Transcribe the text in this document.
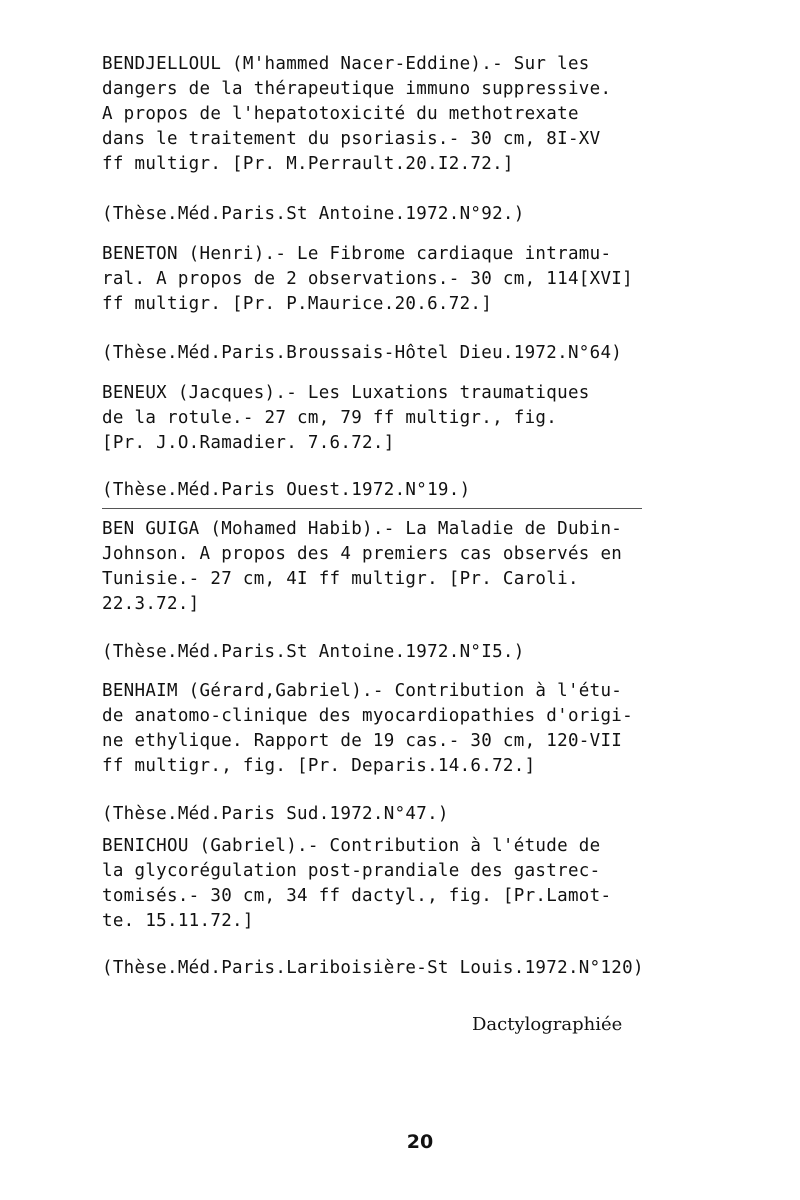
BENDJELLOUL (M'hammed Nacer-Eddine).- Sur les
dangers de la thérapeutique immuno suppressive.
A propos de l'hepatotoxicité du methotrexate
dans le traitement du psoriasis.- 30 cm, 8I-XV
ff multigr. [Pr. M.Perrault.20.I2.72.]
(Thèse.Méd.Paris.St Antoine.1972.N°92.)
BENETON (Henri).- Le Fibrome cardiaque intramu-
ral. A propos de 2 observations.- 30 cm, 114[XVI]
ff multigr. [Pr. P.Maurice.20.6.72.]
(Thèse.Méd.Paris.Broussais-Hôtel Dieu.1972.N°64)
BENEUX (Jacques).- Les Luxations traumatiques
de la rotule.- 27 cm, 79 ff multigr., fig.
[Pr. J.O.Ramadier. 7.6.72.]
(Thèse.Méd.Paris Ouest.1972.N°19.)
BEN GUIGA (Mohamed Habib).- La Maladie de Dubin-
Johnson. A propos des 4 premiers cas observés en
Tunisie.- 27 cm, 4I ff multigr. [Pr. Caroli.
22.3.72.]
(Thèse.Méd.Paris.St Antoine.1972.N°I5.)
BENHAIM (Gérard,Gabriel).- Contribution à l'étu-
de anatomo-clinique des myocardiopathies d'origi-
ne ethylique. Rapport de 19 cas.- 30 cm, 120-VII
ff multigr., fig. [Pr. Deparis.14.6.72.]
(Thèse.Méd.Paris Sud.1972.N°47.)
BENICHOU (Gabriel).- Contribution à l'étude de
la glycorégulation post-prandiale des gastrec-
tomisés.- 30 cm, 34 ff dactyl., fig. [Pr.Lamot-
te. 15.11.72.]
(Thèse.Méd.Paris.Lariboisière-St Louis.1972.N°120)
Dactylographiée
20
